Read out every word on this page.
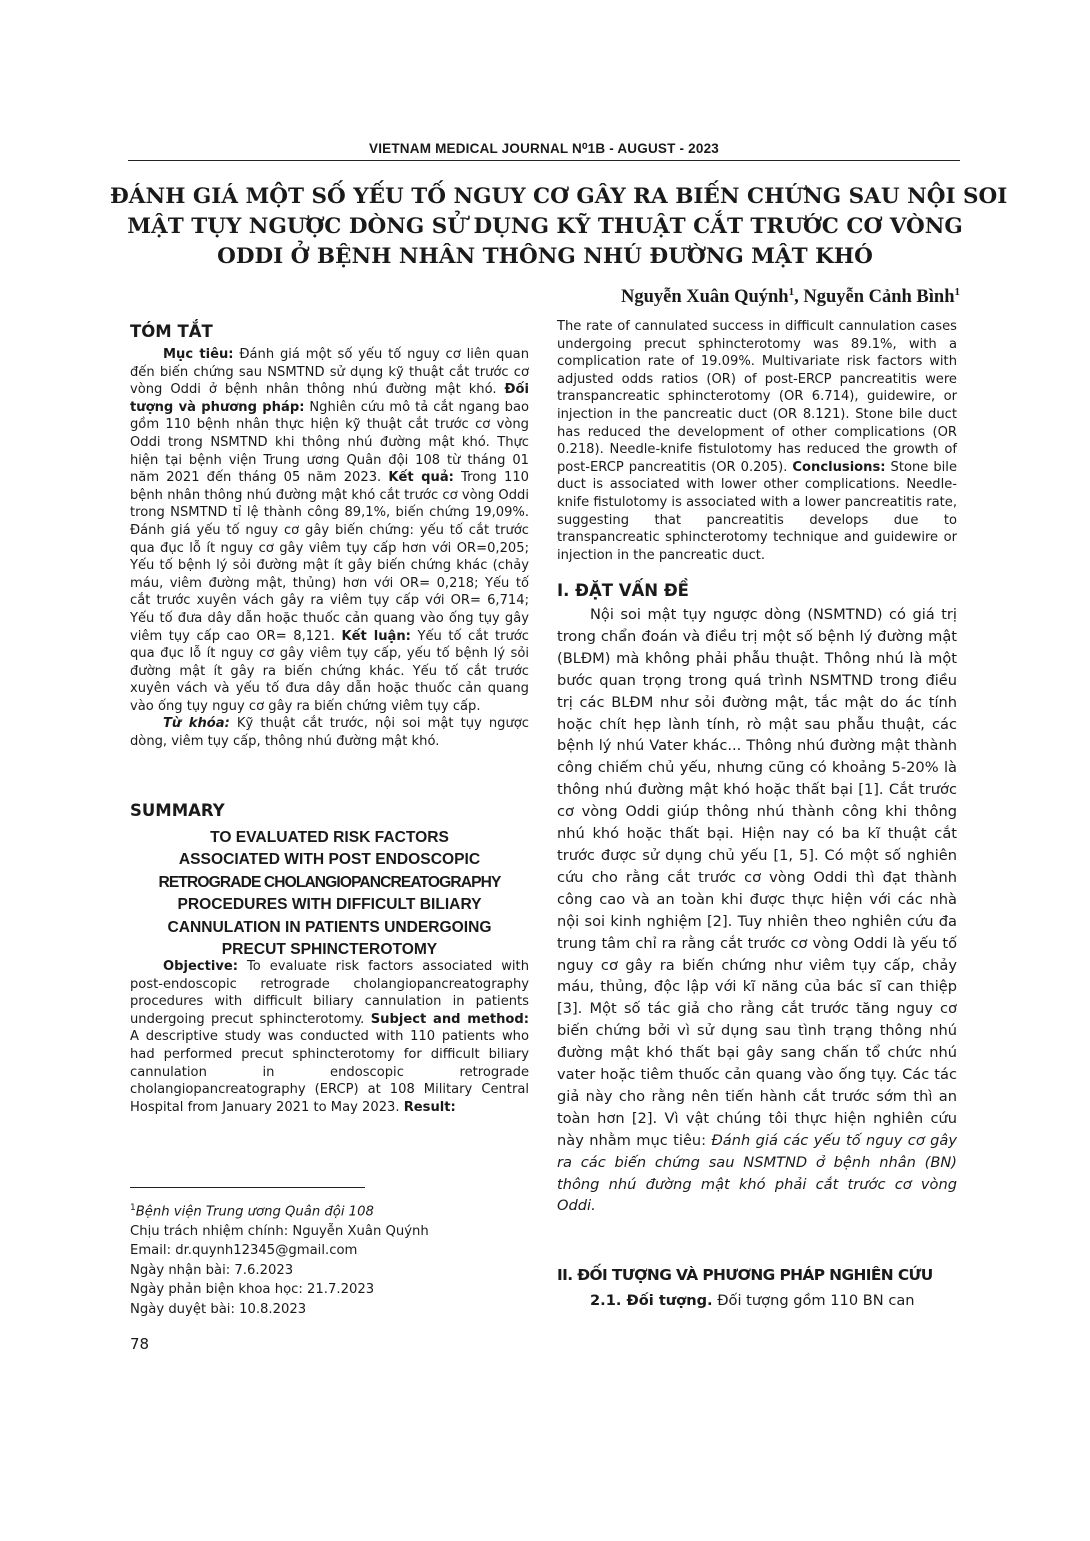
VIETNAM MEDICAL JOURNAL N⁰1B - AUGUST - 2023
ĐÁNH GIÁ MỘT SỐ YẾU TỐ NGUY CƠ GÂY RA BIẾN CHỨNG SAU NỘI SOI
MẬT TỤY NGƯỢC DÒNG SỬ DỤNG KỸ THUẬT CẮT TRƯỚC CƠ VÒNG
ODDI Ở BỆNH NHÂN THÔNG NHÚ ĐƯỜNG MẬT KHÓ
Nguyễn Xuân Quýnh$^1$, Nguyễn Cảnh Bình$^1$
TÓM TẮT

Mục tiêu: Đánh giá một số yếu tố nguy cơ liên quan đến biến chứng sau NSMTND sử dụng kỹ thuật cắt trước cơ vòng Oddi ở bệnh nhân thông nhú đường mật khó. Đối tượng và phương pháp: Nghiên cứu mô tả cắt ngang bao gồm 110 bệnh nhân thực hiện kỹ thuật cắt trước cơ vòng Oddi trong NSMTND khi thông nhú đường mật khó. Thực hiện tại bệnh viện Trung ương Quân đội 108 từ tháng 01 năm 2021 đến tháng 05 năm 2023. Kết quả: Trong 110 bệnh nhân thông nhú đường mật khó cắt trước cơ vòng Oddi trong NSMTND tỉ lệ thành công 89,1%, biến chứng 19,09%. Đánh giá yếu tố nguy cơ gây biến chứng: yếu tố cắt trước qua đục lỗ ít nguy cơ gây viêm tụy cấp hơn với OR=0,205; Yếu tố bệnh lý sỏi đường mật ít gây biến chứng khác (chảy máu, viêm đường mật, thủng) hơn với OR= 0,218; Yếu tố cắt trước xuyên vách gây ra viêm tụy cấp với OR= 6,714; Yếu tố đưa dây dẫn hoặc thuốc cản quang vào ống tụy gây viêm tụy cấp cao OR= 8,121. Kết luận: Yếu tố cắt trước qua đục lỗ ít nguy cơ gây viêm tụy cấp, yếu tố bệnh lý sỏi đường mật ít gây ra biến chứng khác. Yếu tố cắt trước xuyên vách và yếu tố đưa dây dẫn hoặc thuốc cản quang vào ống tụy nguy cơ gây ra biến chứng viêm tụy cấp.

Từ khóa: Kỹ thuật cắt trước, nội soi mật tụy ngược dòng, viêm tụy cấp, thông nhú đường mật khó.

SUMMARY
TO EVALUATED RISK FACTORS
ASSOCIATED WITH POST ENDOSCOPIC
RETROGRADE CHOLANGIOPANCREATOGRAPHY
PROCEDURES WITH DIFFICULT BILIARY
CANNULATION IN PATIENTS UNDERGOING
PRECUT SPHINCTEROTOMY

Objective: To evaluate risk factors associated with post-endoscopic retrograde cholangiopancreatography procedures with difficult biliary cannulation in patients undergoing precut sphincterotomy. Subject and method: A descriptive study was conducted with 110 patients who had performed precut sphincterotomy for difficult biliary cannulation in endoscopic retrograde cholangiopancreatography (ERCP) at 108 Military Central Hospital from January 2021 to May 2023. Result:

$^1$Bệnh viện Trung ương Quân đội 108
Chịu trách nhiệm chính: Nguyễn Xuân Quýnh
Email: dr.quynh12345@gmail.com
Ngày nhận bài: 7.6.2023
Ngày phản biện khoa học: 21.7.2023
Ngày duyệt bài: 10.8.2023
78

The rate of cannulated success in difficult cannulation cases undergoing precut sphincterotomy was 89.1%, with a complication rate of 19.09%. Multivariate risk factors with adjusted odds ratios (OR) of post-ERCP pancreatitis were transpancreatic sphincterotomy (OR 6.714), guidewire, or injection in the pancreatic duct (OR 8.121). Stone bile duct has reduced the development of other complications (OR 0.218). Needle-knife fistulotomy has reduced the growth of post-ERCP pancreatitis (OR 0.205). Conclusions: Stone bile duct is associated with lower other complications. Needle-knife fistulotomy is associated with a lower pancreatitis rate, suggesting that pancreatitis develops due to transpancreatic sphincterotomy technique and guidewire or injection in the pancreatic duct.

I. ĐẶT VẤN ĐỀ

Nội soi mật tụy ngược dòng (NSMTND) có giá trị trong chẩn đoán và điều trị một số bệnh lý đường mật (BLĐM) mà không phải phẫu thuật. Thông nhú là một bước quan trọng trong quá trình NSMTND trong điều trị các BLĐM như sỏi đường mật, tắc mật do ác tính hoặc chít hẹp lành tính, rò mật sau phẫu thuật, các bệnh lý nhú Vater khác... Thông nhú đường mật thành công chiếm chủ yếu, nhưng cũng có khoảng 5-20% là thông nhú đường mật khó hoặc thất bại [1]. Cắt trước cơ vòng Oddi giúp thông nhú thành công khi thông nhú khó hoặc thất bại. Hiện nay có ba kĩ thuật cắt trước được sử dụng chủ yếu [1, 5]. Có một số nghiên cứu cho rằng cắt trước cơ vòng Oddi thì đạt thành công cao và an toàn khi được thực hiện với các nhà nội soi kinh nghiệm [2]. Tuy nhiên theo nghiên cứu đa trung tâm chỉ ra rằng cắt trước cơ vòng Oddi là yếu tố nguy cơ gây ra biến chứng như viêm tụy cấp, chảy máu, thủng, độc lập với kĩ năng của bác sĩ can thiệp [3]. Một số tác giả cho rằng cắt trước tăng nguy cơ biến chứng bởi vì sử dụng sau tình trạng thông nhú đường mật khó thất bại gây sang chấn tổ chức nhú vater hoặc tiêm thuốc cản quang vào ống tụy. Các tác giả này cho rằng nên tiến hành cắt trước sớm thì an toàn hơn [2]. Vì vật chúng tôi thực hiện nghiên cứu này nhằm mục tiêu: Đánh giá các yếu tố nguy cơ gây ra các biến chứng sau NSMTND ở bệnh nhân (BN) thông nhú đường mật khó phải cắt trước cơ vòng Oddi.

II. ĐỐI TƯỢNG VÀ PHƯƠNG PHÁP NGHIÊN CỨU

2.1. Đối tượng. Đối tượng gồm 110 BN can
